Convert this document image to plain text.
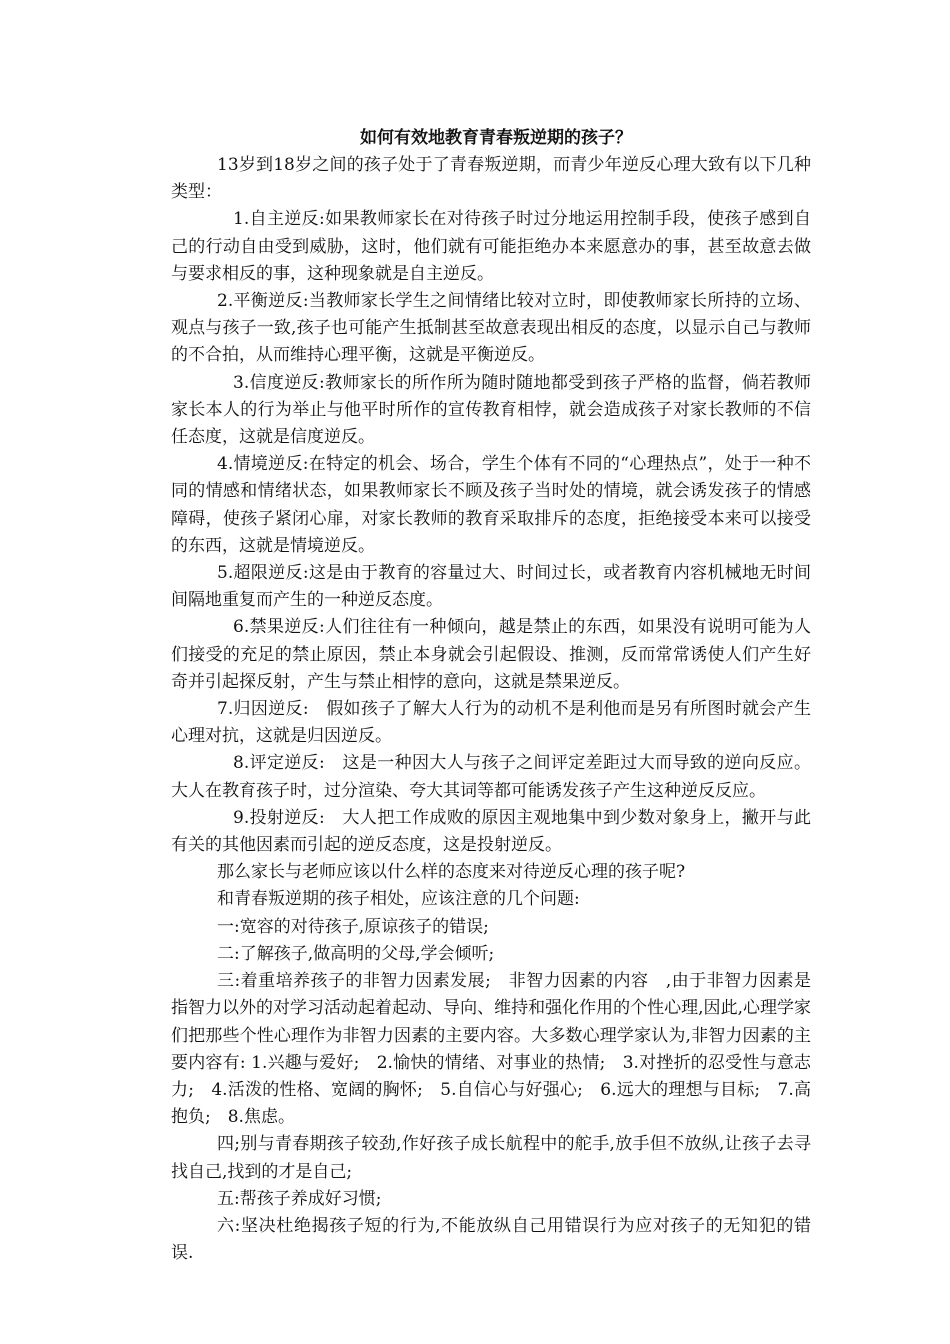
如何有效地教育青春叛逆期的孩子？

13岁到18岁之间的孩子处于了青春叛逆期，而青少年逆反心理大致有以下几种类型：

1.自主逆反:如果教师家长在对待孩子时过分地运用控制手段，使孩子感到自己的行动自由受到威胁，这时，他们就有可能拒绝办本来愿意办的事，甚至故意去做与要求相反的事，这种现象就是自主逆反。

2.平衡逆反:当教师家长学生之间情绪比较对立时，即使教师家长所持的立场、观点与孩子一致,孩子也可能产生抵制甚至故意表现出相反的态度，以显示自己与教师的不合拍，从而维持心理平衡，这就是平衡逆反。

3.信度逆反:教师家长的所作所为随时随地都受到孩子严格的监督，倘若教师家长本人的行为举止与他平时所作的宣传教育相悖，就会造成孩子对家长教师的不信任态度，这就是信度逆反。

4.情境逆反:在特定的机会、场合，学生个体有不同的“心理热点”，处于一种不同的情感和情绪状态，如果教师家长不顾及孩子当时处的情境，就会诱发孩子的情感障碍，使孩子紧闭心扉，对家长教师的教育采取排斥的态度，拒绝接受本来可以接受的东西，这就是情境逆反。

5.超限逆反:这是由于教育的容量过大、时间过长，或者教育内容机械地无时间间隔地重复而产生的一种逆反态度。

6.禁果逆反:人们往往有一种倾向，越是禁止的东西，如果没有说明可能为人们接受的充足的禁止原因，禁止本身就会引起假设、推测，反而常常诱使人们产生好奇并引起探反射，产生与禁止相悖的意向，这就是禁果逆反。

7.归因逆反:　假如孩子了解大人行为的动机不是利他而是另有所图时就会产生心理对抗，这就是归因逆反。

8.评定逆反:　这是一种因大人与孩子之间评定差距过大而导致的逆向反应。大人在教育孩子时，过分渲染、夸大其词等都可能诱发孩子产生这种逆反反应。

9.投射逆反:　大人把工作成败的原因主观地集中到少数对象身上，撇开与此有关的其他因素而引起的逆反态度，这是投射逆反。

那么家长与老师应该以什么样的态度来对待逆反心理的孩子呢?

和青春叛逆期的孩子相处，应该注意的几个问题:

一:宽容的对待孩子,原谅孩子的错误;

二:了解孩子,做高明的父母,学会倾听;

三:着重培养孩子的非智力因素发展;　非智力因素的内容　,由于非智力因素是指智力以外的对学习活动起着起动、导向、维持和强化作用的个性心理,因此,心理学家们把那些个性心理作为非智力因素的主要内容。大多数心理学家认为,非智力因素的主要内容有: 1.兴趣与爱好;　2.愉快的情绪、对事业的热情;　3.对挫折的忍受性与意志力;　4.活泼的性格、宽阔的胸怀;　5.自信心与好强心;　6.远大的理想与目标;　7.高抱负;　8.焦虑。

四;别与青春期孩子较劲,作好孩子成长航程中的舵手,放手但不放纵,让孩子去寻找自己,找到的才是自己;

五:帮孩子养成好习惯;

六:坚决杜绝揭孩子短的行为,不能放纵自己用错误行为应对孩子的无知犯的错误.
